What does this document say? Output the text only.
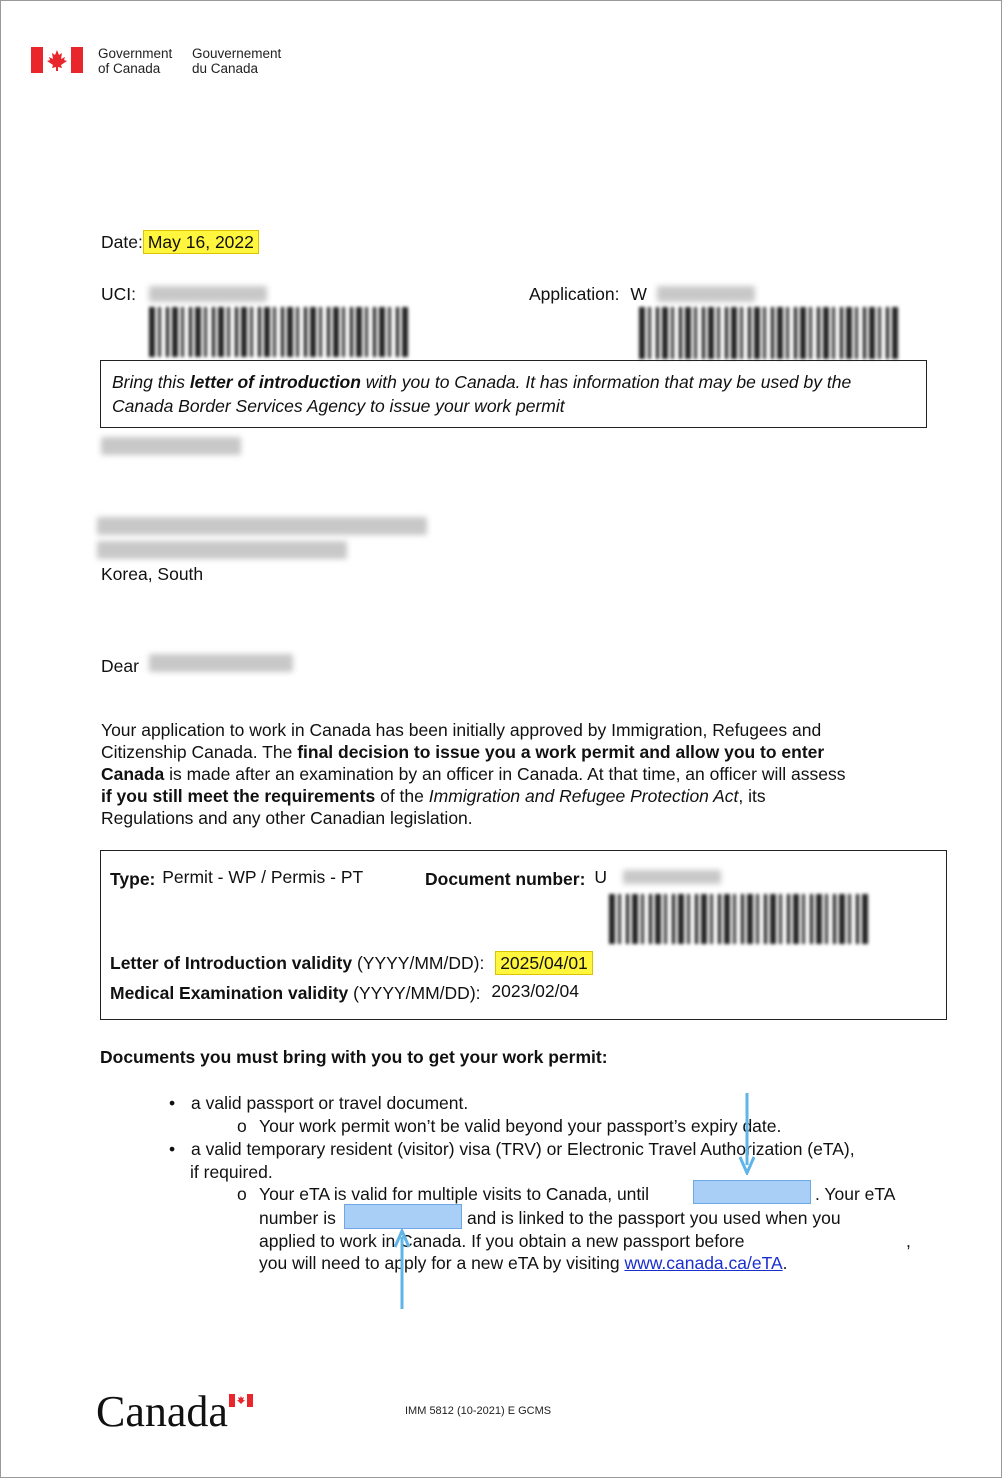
Government
of Canada
Gouvernement
du Canada
Date: May 16, 2022
UCI:	Application: W
Bring this letter of introduction with you to Canada. It has information that may be used by the
Canada Border Services Agency to issue your work permit
Korea, South
Dear
Your application to work in Canada has been initially approved by Immigration, Refugees and
Citizenship Canada. The final decision to issue you a work permit and allow you to enter
Canada is made after an examination by an officer in Canada. At that time, an officer will assess
if you still meet the requirements of the Immigration and Refugee Protection Act, its
Regulations and any other Canadian legislation.
Type: Permit - WP / Permis - PT	Document number: U
Letter of Introduction validity (YYYY/MM/DD): 2025/04/01
Medical Examination validity (YYYY/MM/DD): 2023/02/04
Documents you must bring with you to get your work permit:
• a valid passport or travel document.
o Your work permit won’t be valid beyond your passport’s expiry date.
• a valid temporary resident (visitor) visa (TRV) or Electronic Travel Authorization (eTA),
if required.
o Your eTA is valid for multiple visits to Canada, until	. Your eTA
number is	and is linked to the passport you used when you
applied to work in Canada. If you obtain a new passport before	,
you will need to apply for a new eTA by visiting www.canada.ca/eTA.
Canada	IMM 5812 (10-2021) E GCMS
